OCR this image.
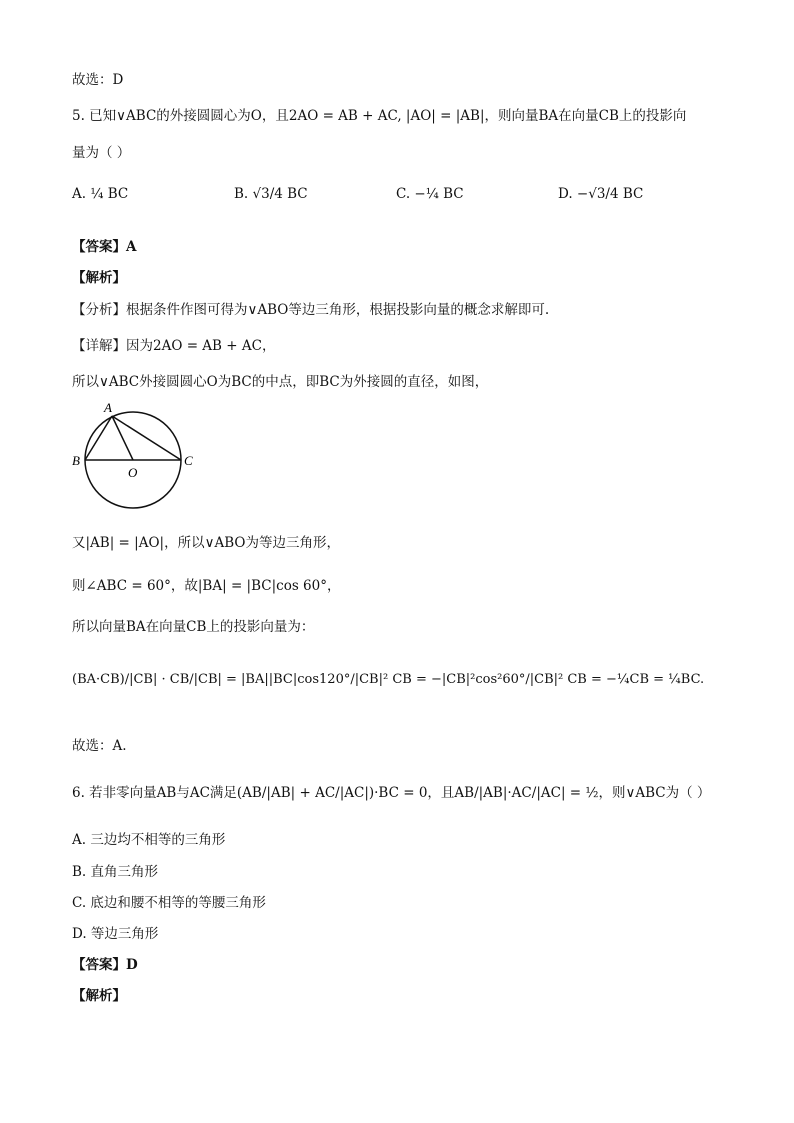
故选：D
5. 已知∨ABC的外接圆圆心为O，且2AO = AB + AC, |AO| = |AB|，则向量BA在向量CB上的投影向
量为（ ）
A. ¼ BC	B. √3/4 BC	C. −¼ BC	D. −√3/4 BC
【答案】A
【解析】
【分析】根据条件作图可得为∨ABO等边三角形，根据投影向量的概念求解即可.
【详解】因为2AO = AB + AC，
所以∨ABC外接圆圆心O为BC的中点，即BC为外接圆的直径，如图，
A
B
O
C
又|AB| = |AO|，所以∨ABO为等边三角形，
则∠ABC = 60°，故|BA| = |BC|cos 60°，
所以向量BA在向量CB上的投影向量为：
(BA·CB)/|CB| · CB/|CB| = |BA||BC|cos120°/|CB|² CB = −|CB|²cos²60°/|CB|² CB = −¼CB = ¼BC.
故选：A.
6. 若非零向量AB与AC满足(AB/|AB| + AC/|AC|)·BC = 0，且AB/|AB|·AC/|AC| = ½，则∨ABC为（ ）
A. 三边均不相等的三角形
B. 直角三角形
C. 底边和腰不相等的等腰三角形
D. 等边三角形
【答案】D
【解析】
